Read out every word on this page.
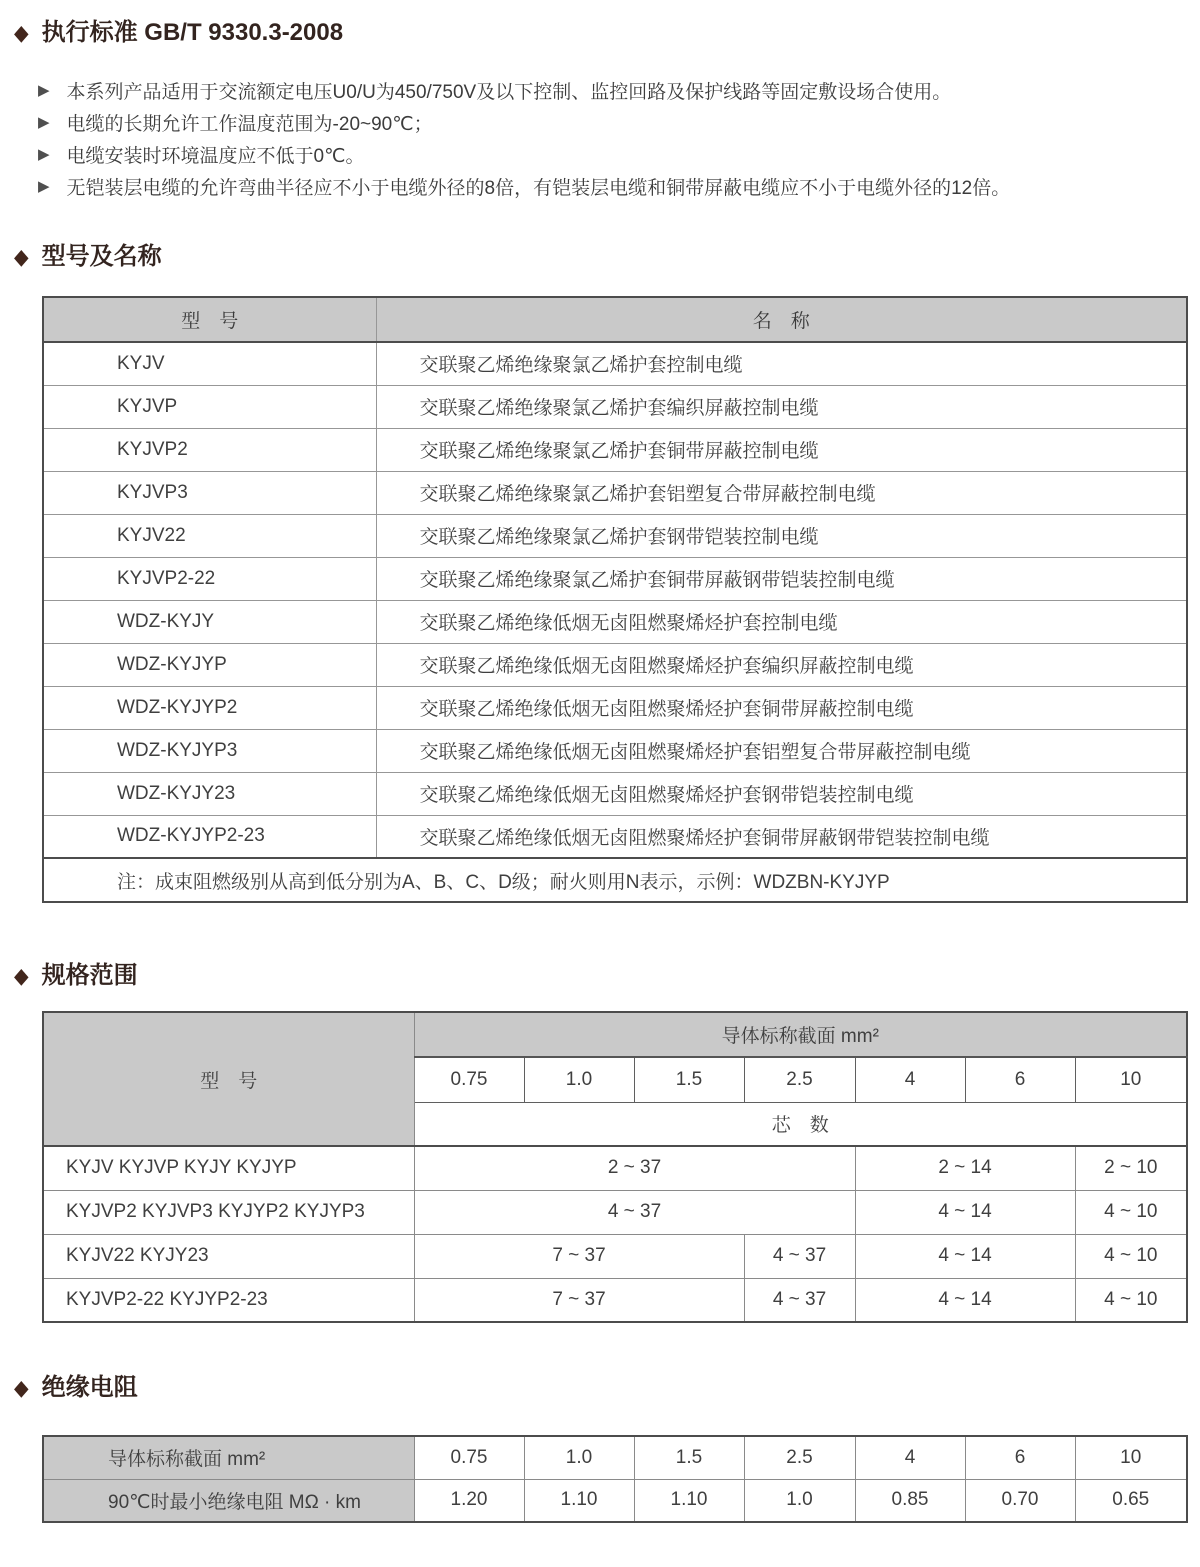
◆ 执行标准 GB/T 9330.3-2008
▶ 本系列产品适用于交流额定电压U0/U为450/750V及以下控制、监控回路及保护线路等固定敷设场合使用。
▶ 电缆的长期允许工作温度范围为-20~90℃；
▶ 电缆安装时环境温度应不低于0℃。
▶ 无铠装层电缆的允许弯曲半径应不小于电缆外径的8倍，有铠装层电缆和铜带屏蔽电缆应不小于电缆外径的12倍。
◆ 型号及名称
型　号	名　称
KYJV	交联聚乙烯绝缘聚氯乙烯护套控制电缆
KYJVP	交联聚乙烯绝缘聚氯乙烯护套编织屏蔽控制电缆
KYJVP2	交联聚乙烯绝缘聚氯乙烯护套铜带屏蔽控制电缆
KYJVP3	交联聚乙烯绝缘聚氯乙烯护套铝塑复合带屏蔽控制电缆
KYJV22	交联聚乙烯绝缘聚氯乙烯护套钢带铠装控制电缆
KYJVP2-22	交联聚乙烯绝缘聚氯乙烯护套铜带屏蔽钢带铠装控制电缆
WDZ-KYJY	交联聚乙烯绝缘低烟无卤阻燃聚烯烃护套控制电缆
WDZ-KYJYP	交联聚乙烯绝缘低烟无卤阻燃聚烯烃护套编织屏蔽控制电缆
WDZ-KYJYP2	交联聚乙烯绝缘低烟无卤阻燃聚烯烃护套铜带屏蔽控制电缆
WDZ-KYJYP3	交联聚乙烯绝缘低烟无卤阻燃聚烯烃护套铝塑复合带屏蔽控制电缆
WDZ-KYJY23	交联聚乙烯绝缘低烟无卤阻燃聚烯烃护套钢带铠装控制电缆
WDZ-KYJYP2-23	交联聚乙烯绝缘低烟无卤阻燃聚烯烃护套铜带屏蔽钢带铠装控制电缆
注：成束阻燃级别从高到低分别为A、B、C、D级；耐火则用N表示，示例：WDZBN-KYJYP	
◆ 规格范围
型　号	导体标称截面 mm²						
	0.75	1.0	1.5	2.5	4	6	10
	芯　数						
KYJV KYJVP KYJY KYJYP	2 ~ 37				2 ~ 14		2 ~ 10
KYJVP2 KYJVP3 KYJYP2 KYJYP3	4 ~ 37				4 ~ 14		4 ~ 10
KYJV22 KYJY23	7 ~ 37			4 ~ 37	4 ~ 14		4 ~ 10
KYJVP2-22 KYJYP2-23	7 ~ 37			4 ~ 37	4 ~ 14		4 ~ 10
◆ 绝缘电阻
导体标称截面 mm²	0.75	1.0	1.5	2.5	4	6	10
90℃时最小绝缘电阻 MΩ · km	1.20	1.10	1.10	1.0	0.85	0.70	0.65
